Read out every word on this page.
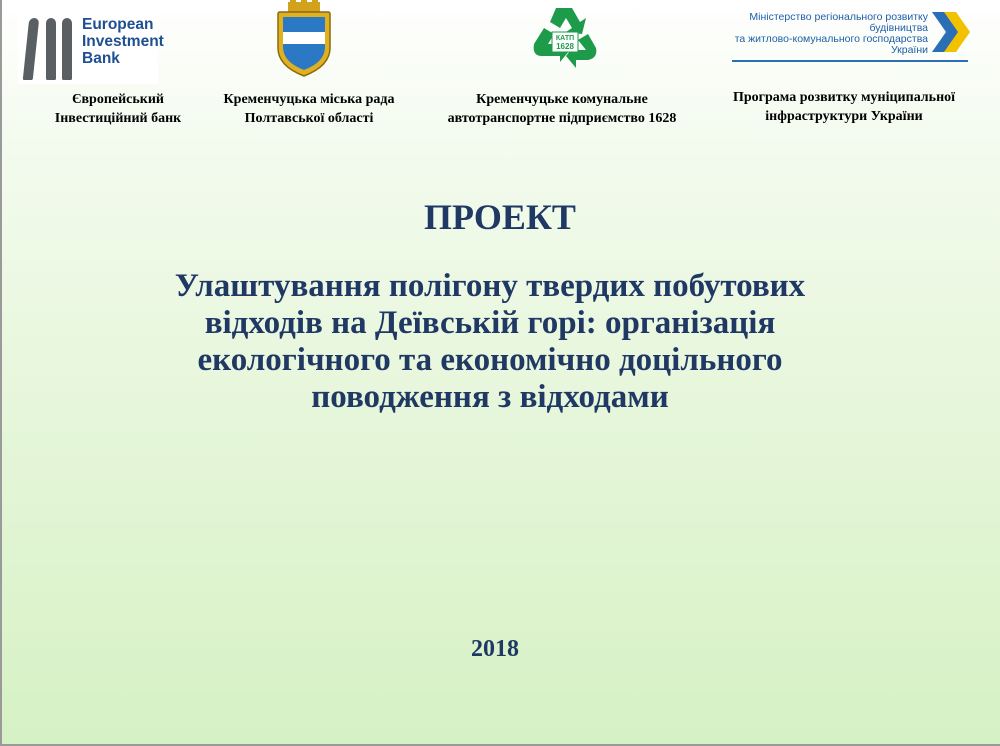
European
Investment
Bank
КАТП
1628
Міністерство регіонального розвитку
будівництва
та житлово-комунального господарства
України
Європейський
Інвестиційний банк
Кременчуцька міська рада
Полтавської області
Кременчуцьке комунальне
автотранспортне підприємство 1628
Програма розвитку муніципальної
інфраструктури України
ПРОЕКТ
Улаштування полігону твердих побутових
відходів на Деївській горі: організація
екологічного та економічно доцільного
поводження з відходами
2018
